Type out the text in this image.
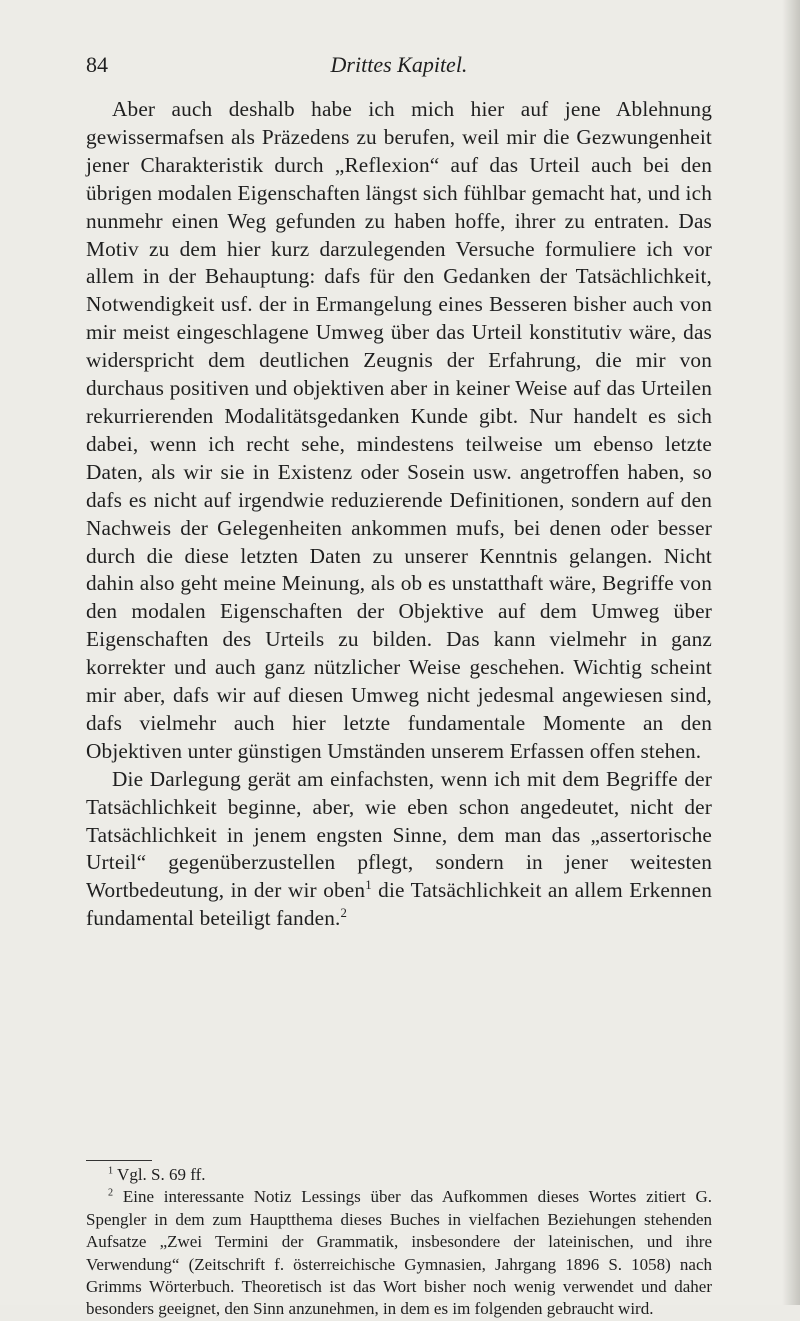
84	Drittes Kapitel.

Aber auch deshalb habe ich mich hier auf jene Ablehnung gewissermafsen als Präzedens zu berufen, weil mir die Gezwungenheit jener Charakteristik durch „Reflexion“ auf das Urteil auch bei den übrigen modalen Eigenschaften längst sich fühlbar gemacht hat, und ich nunmehr einen Weg gefunden zu haben hoffe, ihrer zu entraten. Das Motiv zu dem hier kurz darzulegenden Versuche formuliere ich vor allem in der Behauptung: dafs für den Gedanken der Tatsächlichkeit, Notwendigkeit usf. der in Ermangelung eines Besseren bisher auch von mir meist eingeschlagene Umweg über das Urteil konstitutiv wäre, das widerspricht dem deutlichen Zeugnis der Erfahrung, die mir von durchaus positiven und objektiven aber in keiner Weise auf das Urteilen rekurrierenden Modalitätsgedanken Kunde gibt. Nur handelt es sich dabei, wenn ich recht sehe, mindestens teilweise um ebenso letzte Daten, als wir sie in Existenz oder Sosein usw. angetroffen haben, so dafs es nicht auf irgendwie reduzierende Definitionen, sondern auf den Nachweis der Gelegenheiten ankommen mufs, bei denen oder besser durch die diese letzten Daten zu unserer Kenntnis gelangen. Nicht dahin also geht meine Meinung, als ob es unstatthaft wäre, Begriffe von den modalen Eigenschaften der Objektive auf dem Umweg über Eigenschaften des Urteils zu bilden. Das kann vielmehr in ganz korrekter und auch ganz nützlicher Weise geschehen. Wichtig scheint mir aber, dafs wir auf diesen Umweg nicht jedesmal angewiesen sind, dafs vielmehr auch hier letzte fundamentale Momente an den Objektiven unter günstigen Umständen unserem Erfassen offen stehen.

Die Darlegung gerät am einfachsten, wenn ich mit dem Begriffe der Tatsächlichkeit beginne, aber, wie eben schon angedeutet, nicht der Tatsächlichkeit in jenem engsten Sinne, dem man das „assertorische Urteil“ gegenüberzustellen pflegt, sondern in jener weitesten Wortbedeutung, in der wir oben$^1$ die Tatsächlichkeit an allem Erkennen fundamental beteiligt fanden.$^2$

$^1$ Vgl. S. 69 ff.

$^2$ Eine interessante Notiz Lessings über das Aufkommen dieses Wortes zitiert G. Spengler in dem zum Hauptthema dieses Buches in vielfachen Beziehungen stehenden Aufsatze „Zwei Termini der Grammatik, insbesondere der lateinischen, und ihre Verwendung“ (Zeitschrift f. österreichische Gymnasien, Jahrgang 1896 S. 1058) nach Grimms Wörterbuch. Theoretisch ist das Wort bisher noch wenig verwendet und daher besonders geeignet, den Sinn anzunehmen, in dem es im folgenden gebraucht wird.
